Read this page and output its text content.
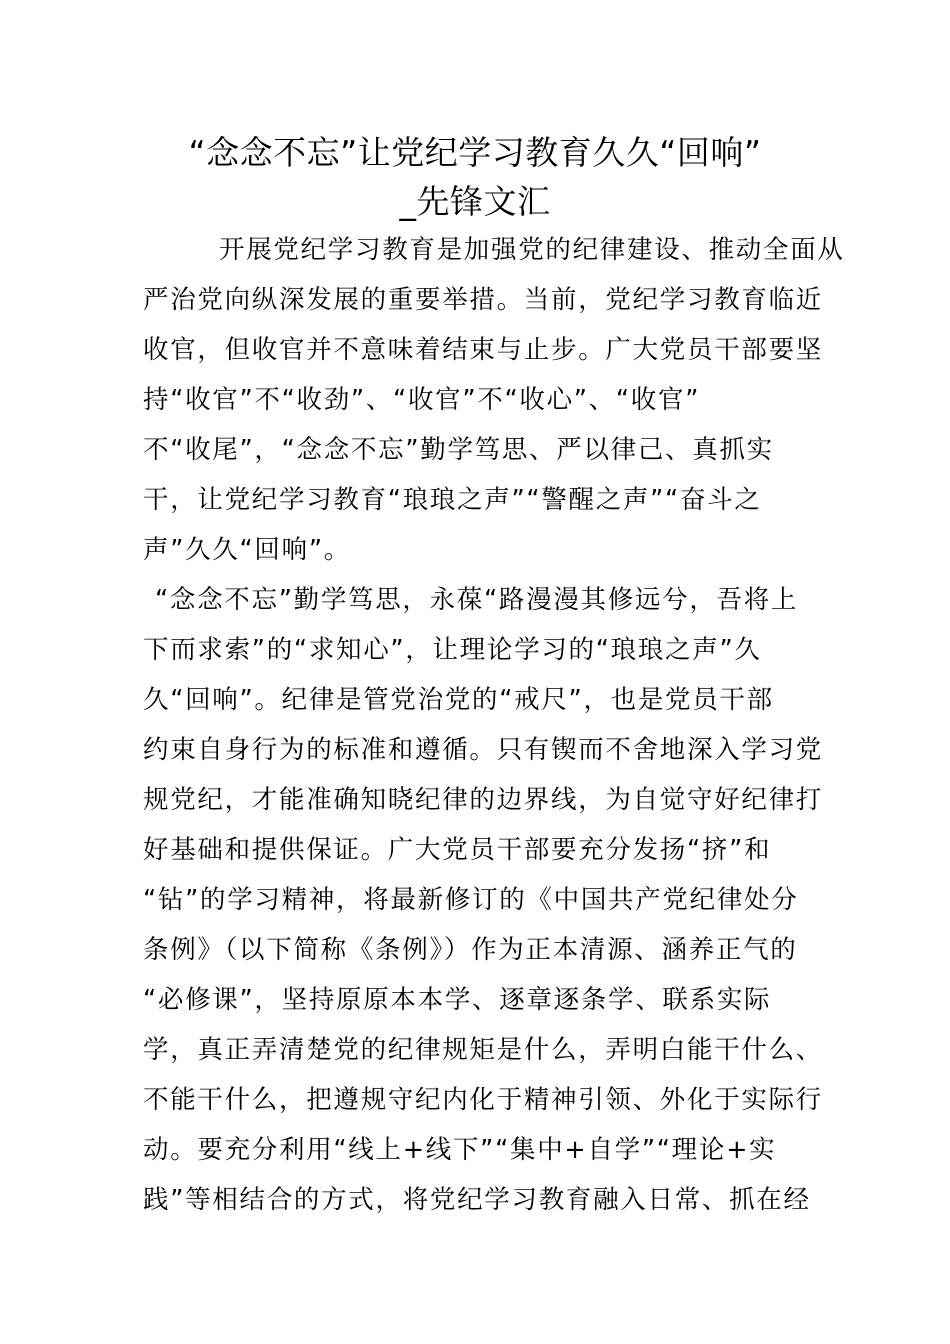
“念念不忘”让党纪学习教育久久“回响”
_先锋文汇
开展党纪学习教育是加强党的纪律建设、推动全面从
严治党向纵深发展的重要举措。当前，党纪学习教育临近
收官，但收官并不意味着结束与止步。广大党员干部要坚
持“收官”不“收劲”、“收官”不“收心”、“收官”
不“收尾”，“念念不忘”勤学笃思、严以律己、真抓实
干，让党纪学习教育“琅琅之声”“警醒之声”“奋斗之
声”久久“回响”。
“念念不忘”勤学笃思，永葆“路漫漫其修远兮，吾将上
下而求索”的“求知心”，让理论学习的“琅琅之声”久
久“回响”。纪律是管党治党的“戒尺”，也是党员干部
约束自身行为的标准和遵循。只有锲而不舍地深入学习党
规党纪，才能准确知晓纪律的边界线，为自觉守好纪律打
好基础和提供保证。广大党员干部要充分发扬“挤”和
“钻”的学习精神，将最新修订的《中国共产党纪律处分
条例》（以下简称《条例》）作为正本清源、涵养正气的
“必修课”，坚持原原本本学、逐章逐条学、联系实际
学，真正弄清楚党的纪律规矩是什么，弄明白能干什么、
不能干什么，把遵规守纪内化于精神引领、外化于实际行
动。要充分利用“线上+线下”“集中+自学”“理论+实
践”等相结合的方式，将党纪学习教育融入日常、抓在经
